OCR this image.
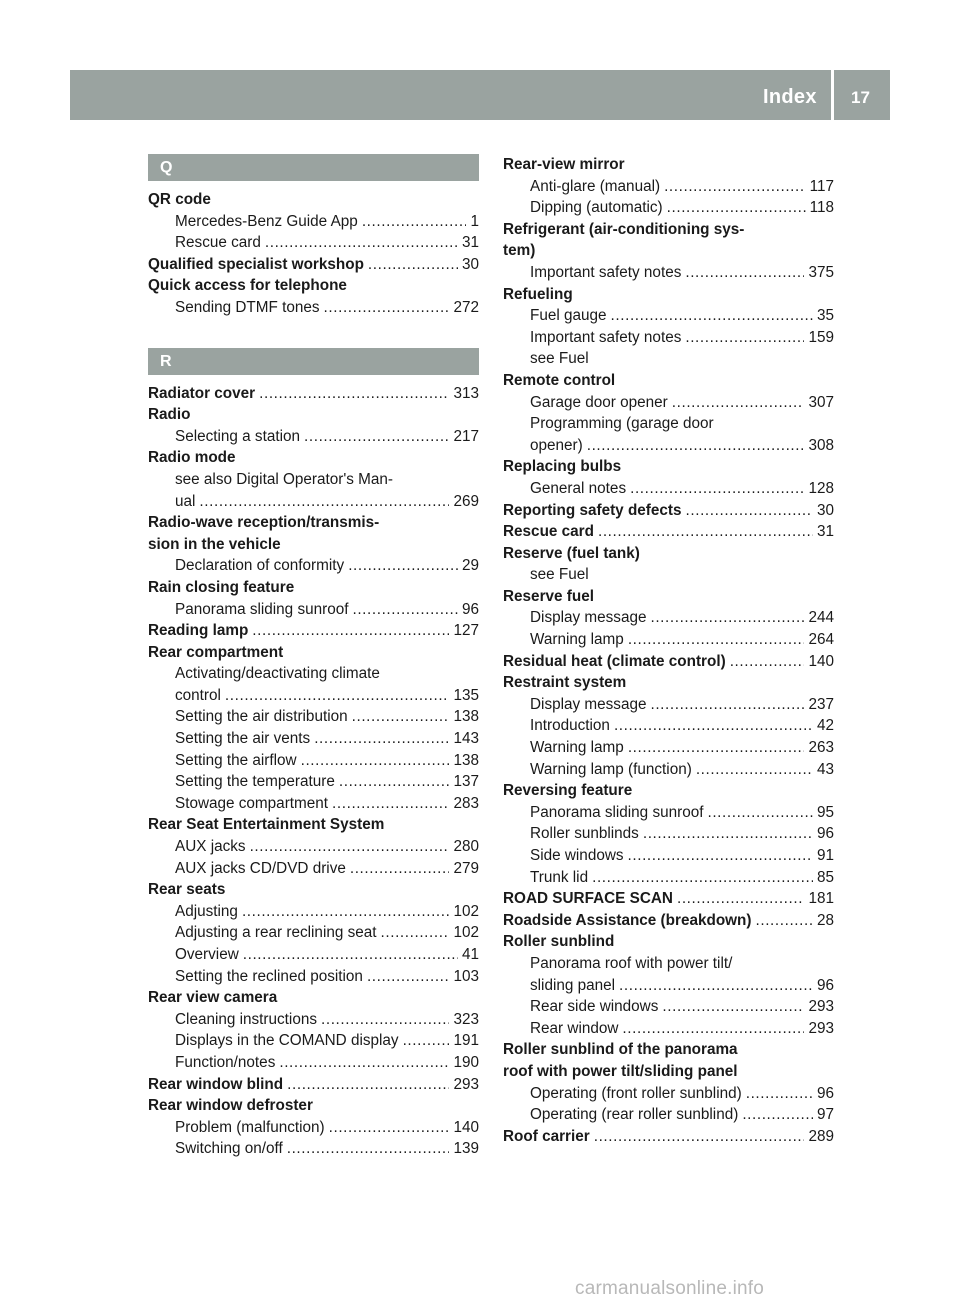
Index 17
Q
QR code
Mercedes-Benz Guide App .....	1
Rescue card .....	31
Qualified specialist workshop .....	30
Quick access for telephone
Sending DTMF tones .....	272
R
Radiator cover .....	313
Radio
Selecting a station .....	217
Radio mode
see also Digital Operator's Man-
ual .....	269
Radio-wave reception/transmis-
sion in the vehicle
Declaration of conformity .....	29
Rain closing feature
Panorama sliding sunroof .....	96
Reading lamp .....	127
Rear compartment
Activating/deactivating climate
control .....	135
Setting the air distribution .....	138
Setting the air vents .....	143
Setting the airflow .....	138
Setting the temperature .....	137
Stowage compartment .....	283
Rear Seat Entertainment System
AUX jacks .....	280
AUX jacks CD/DVD drive .....	279
Rear seats
Adjusting .....	102
Adjusting a rear reclining seat .....	102
Overview .....	41
Setting the reclined position .....	103
Rear view camera
Cleaning instructions .....	323
Displays in the COMAND display .....	191
Function/notes .....	190
Rear window blind .....	293
Rear window defroster
Problem (malfunction) .....	140
Switching on/off .....	139
Rear-view mirror
Anti-glare (manual) .....	117
Dipping (automatic) .....	118
Refrigerant (air-conditioning sys-
tem)
Important safety notes .....	375
Refueling
Fuel gauge .....	35
Important safety notes .....	159
see Fuel
Remote control
Garage door opener .....	307
Programming (garage door
opener) .....	308
Replacing bulbs
General notes .....	128
Reporting safety defects .....	30
Rescue card .....	31
Reserve (fuel tank)
see Fuel
Reserve fuel
Display message .....	244
Warning lamp .....	264
Residual heat (climate control) .....	140
Restraint system
Display message .....	237
Introduction .....	42
Warning lamp .....	263
Warning lamp (function) .....	43
Reversing feature
Panorama sliding sunroof .....	95
Roller sunblinds .....	96
Side windows .....	91
Trunk lid .....	85
ROAD SURFACE SCAN .....	181
Roadside Assistance (breakdown) .....	28
Roller sunblind
Panorama roof with power tilt/
sliding panel .....	96
Rear side windows .....	293
Rear window .....	293
Roller sunblind of the panorama
roof with power tilt/sliding panel
Operating (front roller sunblind) .....	96
Operating (rear roller sunblind) .....	97
Roof carrier .....	289
carmanualsonline.info
